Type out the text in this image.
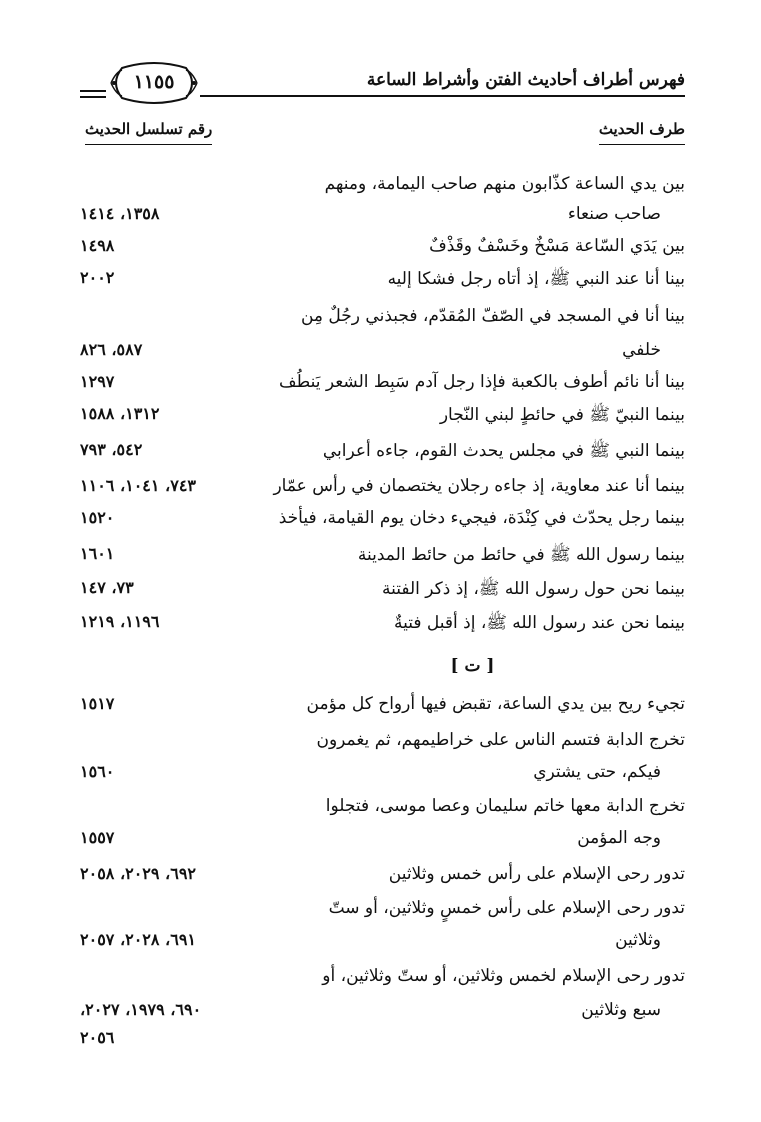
فهرس أطراف أحاديث الفتن وأشراط الساعة
١١٥٥
طرف الحديث
رقم تسلسل الحديث
بين يدي الساعة كذّابون منهم صاحب اليمامة، ومنهم
صاحب صنعاء
١٣٥٨، ١٤١٤
بين يَدَي السّاعة مَسْخٌ وخَسْفٌ وقَذْفٌ
١٤٩٨
بينا أنا عند النبي ﷺ، إذ أتاه رجل فشكا إليه
٢٠٠٢
بينا أنا في المسجد في الصّفّ المُقدّم، فجبذني رجُلٌ مِن
خلفي
٥٨٧، ٨٢٦
بينا أنا نائم أطوف بالكعبة فإذا رجل آدم سَبِط الشعر يَنطُف
١٢٩٧
بينما النبيّ ﷺ في حائطٍ لبني النّجار
١٣١٢، ١٥٨٨
بينما النبي ﷺ في مجلس يحدث القوم، جاءه أعرابي
٥٤٢، ٧٩٣
بينما أنا عند معاوية، إذ جاءه رجلان يختصمان في رأس عمّار
٧٤٣، ١٠٤١، ١١٠٦
بينما رجل يحدّث في كِنْدَة، فيجيء دخان يوم القيامة، فيأخذ
١٥٢٠
بينما رسول الله ﷺ في حائط من حائط المدينة
١٦٠١
بينما نحن حول رسول الله ﷺ، إذ ذكر الفتنة
٧٣، ١٤٧
بينما نحن عند رسول الله ﷺ، إذ أقبل فتيةٌ
١١٩٦، ١٢١٩
[ ت ]
تجيء ريح بين يدي الساعة، تقبض فيها أرواح كل مؤمن
١٥١٧
تخرج الدابة فتسم الناس على خراطيمهم، ثم يغمرون
فيكم، حتى يشتري
١٥٦٠
تخرج الدابة معها خاتم سليمان وعصا موسى، فتجلوا
وجه المؤمن
١٥٥٧
تدور رحى الإسلام على رأس خمس وثلاثين
٦٩٢، ٢٠٢٩، ٢٠٥٨
تدور رحى الإسلام على رأس خمسٍ وثلاثين، أو ستّ
وثلاثين
٦٩١، ٢٠٢٨، ٢٠٥٧
تدور رحى الإسلام لخمس وثلاثين، أو ستّ وثلاثين، أو
سبع وثلاثين
٦٩٠، ١٩٧٩، ٢٠٢٧،
٢٠٥٦
